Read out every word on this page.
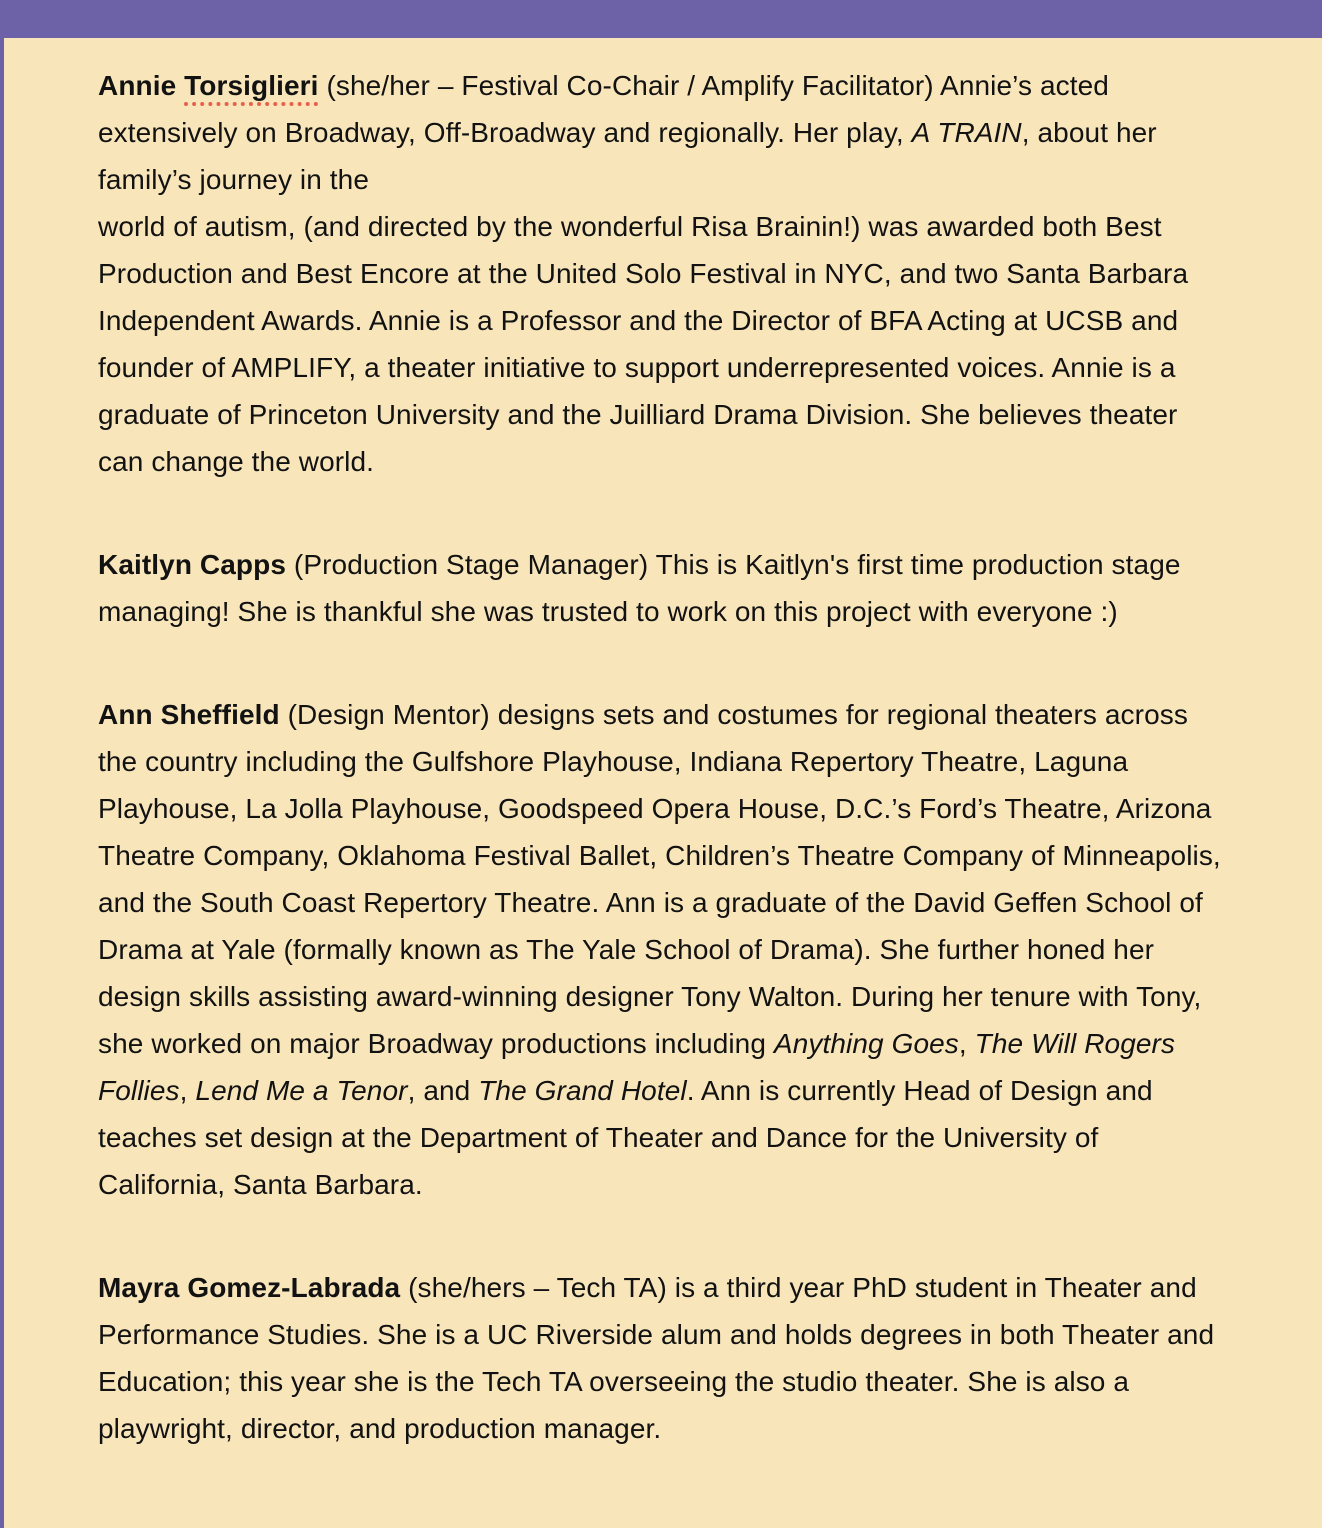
Annie Torsiglieri (she/her – Festival Co-Chair / Amplify Facilitator) Annie’s acted extensively on Broadway, Off-Broadway and regionally. Her play, A TRAIN, about her family’s journey in the
world of autism, (and directed by the wonderful Risa Brainin!) was awarded both Best Production and Best Encore at the United Solo Festival in NYC, and two Santa Barbara Independent Awards. Annie is a Professor and the Director of BFA Acting at UCSB and founder of AMPLIFY, a theater initiative to support underrepresented voices. Annie is a graduate of Princeton University and the Juilliard Drama Division. She believes theater can change the world.

Kaitlyn Capps (Production Stage Manager) This is Kaitlyn's first time production stage managing! She is thankful she was trusted to work on this project with everyone :)

Ann Sheffield (Design Mentor) designs sets and costumes for regional theaters across the country including the Gulfshore Playhouse, Indiana Repertory Theatre, Laguna Playhouse, La Jolla Playhouse, Goodspeed Opera House, D.C.’s Ford’s Theatre, Arizona Theatre Company, Oklahoma Festival Ballet, Children’s Theatre Company of Minneapolis, and the South Coast Repertory Theatre. Ann is a graduate of the David Geffen School of Drama at Yale (formally known as The Yale School of Drama). She further honed her design skills assisting award-winning designer Tony Walton. During her tenure with Tony, she worked on major Broadway productions including Anything Goes, The Will Rogers Follies, Lend Me a Tenor, and The Grand Hotel. Ann is currently Head of Design and teaches set design at the Department of Theater and Dance for the University of California, Santa Barbara.

Mayra Gomez-Labrada (she/hers – Tech TA) is a third year PhD student in Theater and Performance Studies. She is a UC Riverside alum and holds degrees in both Theater and Education; this year she is the Tech TA overseeing the studio theater. She is also a playwright, director, and production manager.
